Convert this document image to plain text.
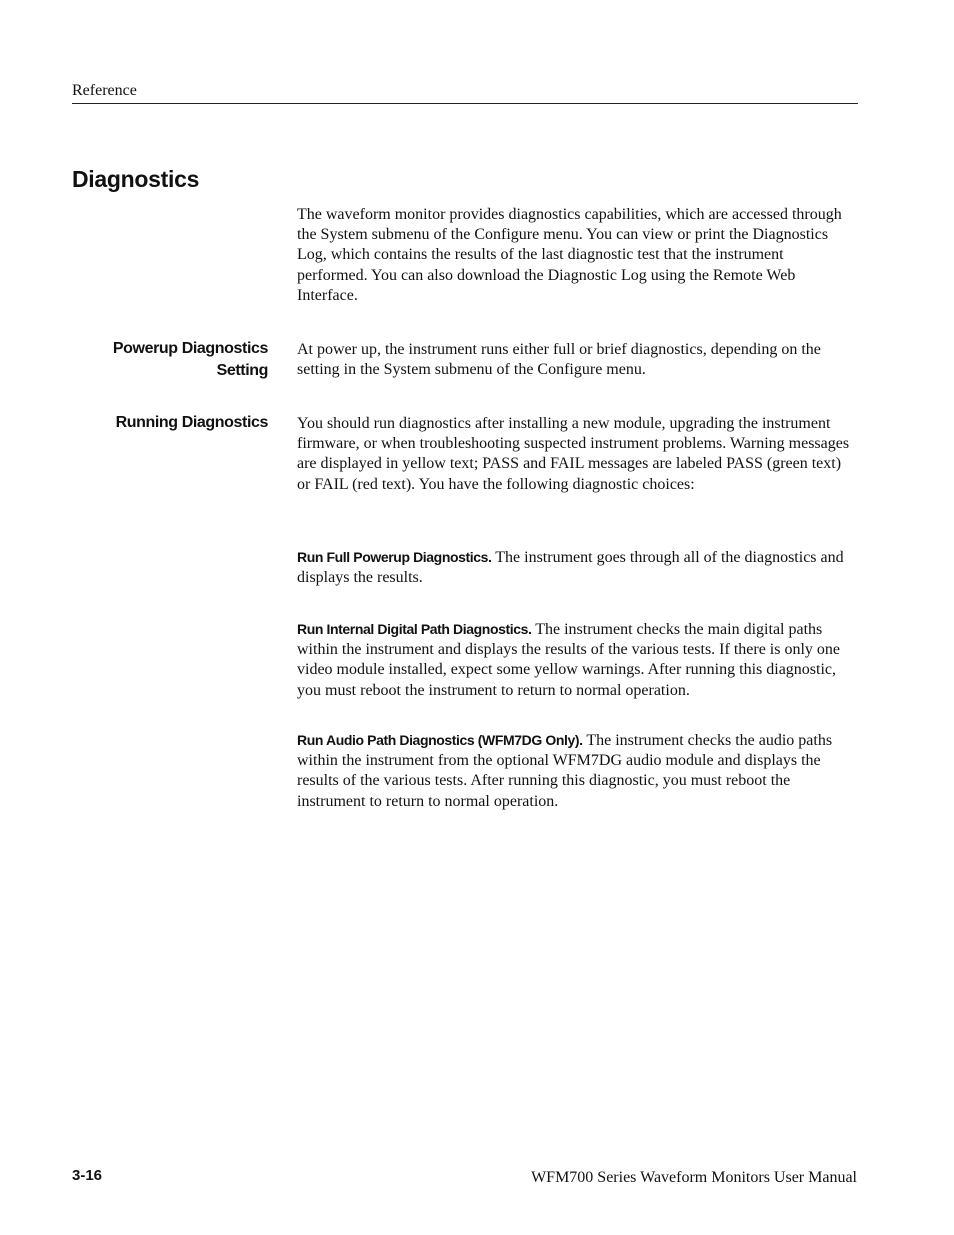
Reference
Diagnostics

The waveform monitor provides diagnostics capabilities, which are accessed through the System submenu of the Configure menu. You can view or print the Diagnostics Log, which contains the results of the last diagnostic test that the instrument performed. You can also download the Diagnostic Log using the Remote Web Interface.

Powerup Diagnostics
Setting

At power up, the instrument runs either full or brief diagnostics, depending on the setting in the System submenu of the Configure menu.

Running Diagnostics You should run diagnostics after installing a new module, upgrading the instrument firmware, or when troubleshooting suspected instrument problems. Warning messages are displayed in yellow text; PASS and FAIL messages are labeled PASS (green text) or FAIL (red text). You have the following diagnostic choices:

Run Full Powerup Diagnostics. The instrument goes through all of the diagnostics and displays the results.

Run Internal Digital Path Diagnostics. The instrument checks the main digital paths within the instrument and displays the results of the various tests. If there is only one video module installed, expect some yellow warnings. After running this diagnostic, you must reboot the instrument to return to normal operation.

Run Audio Path Diagnostics (WFM7DG Only). The instrument checks the audio paths within the instrument from the optional WFM7DG audio module and displays the results of the various tests. After running this diagnostic, you must reboot the instrument to return to normal operation.

3-16	WFM700 Series Waveform Monitors User Manual
